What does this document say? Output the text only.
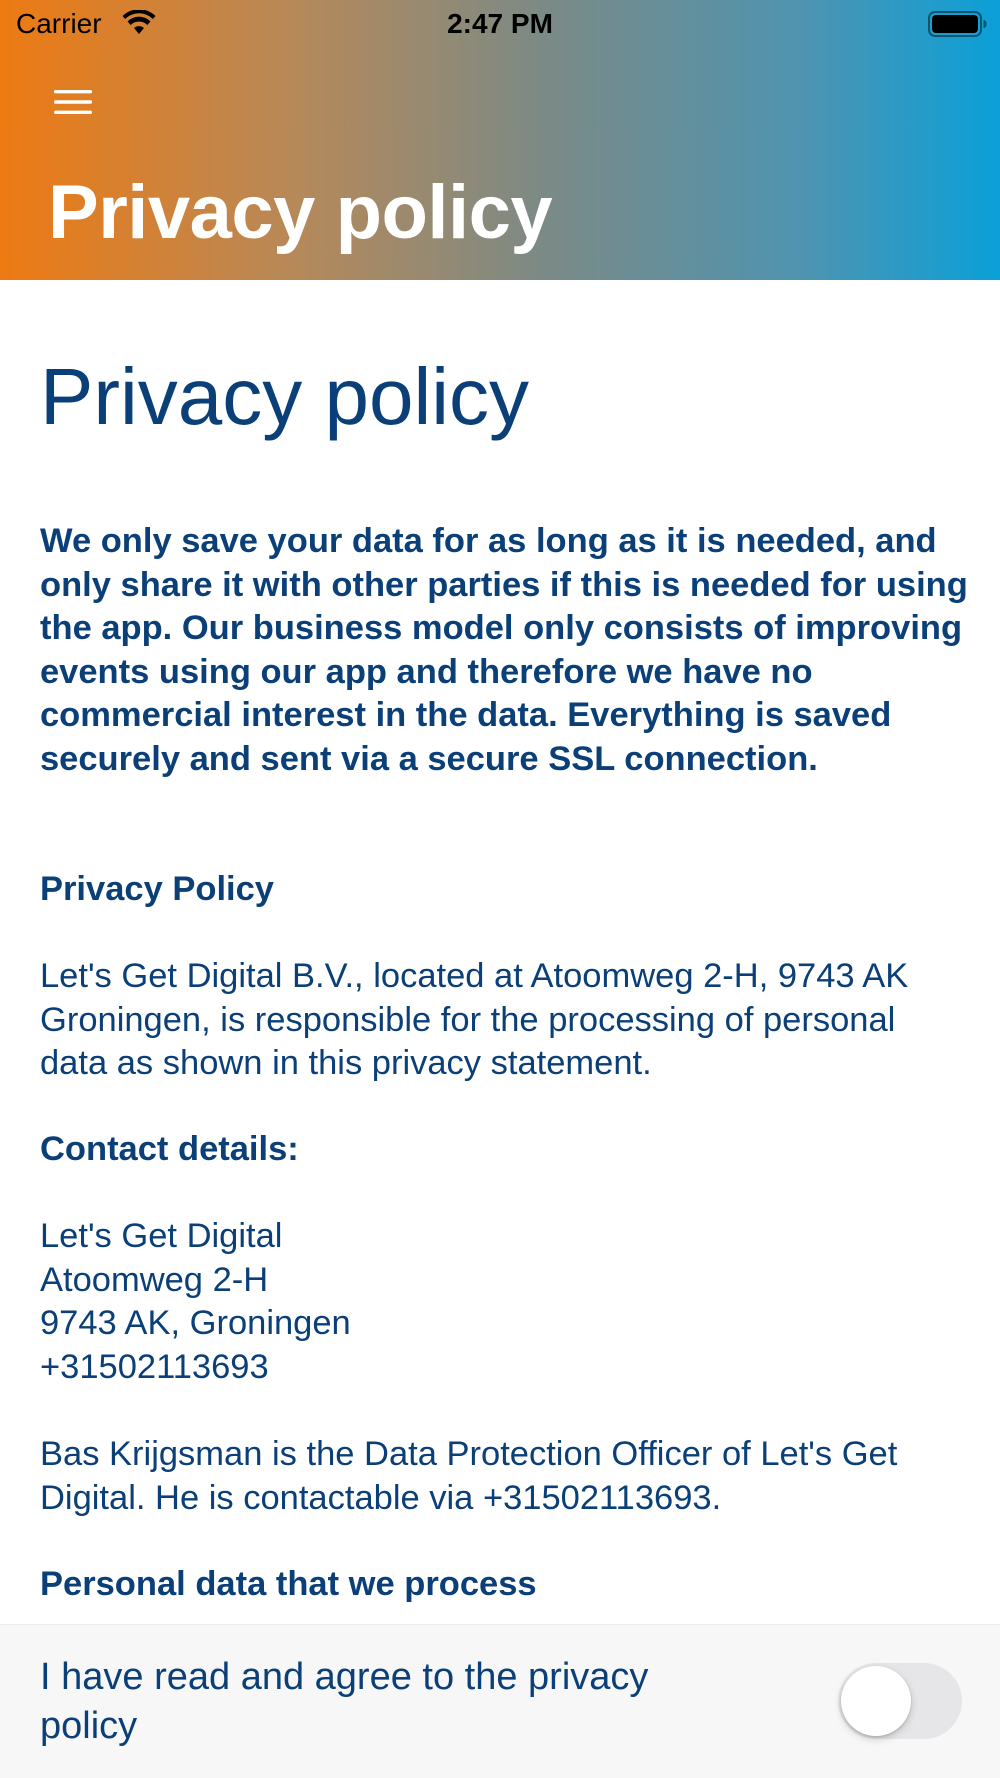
Carrier	2:47 PM
Privacy policy
Privacy policy
We only save your data for as long as it is needed, and only share it with other parties if this is needed for using the app. Our business model only consists of improving events using our app and therefore we have no commercial interest in the data. Everything is saved securely and sent via a secure SSL connection.
Privacy Policy
Let's Get Digital B.V., located at Atoomweg 2-H, 9743 AK Groningen, is responsible for the processing of personal data as shown in this privacy statement.
Contact details:
Let's Get Digital
Atoomweg 2-H
9743 AK, Groningen
+31502113693
Bas Krijgsman is the Data Protection Officer of Let's Get Digital. He is contactable via +31502113693.
Personal data that we process
I have read and agree to the privacy policy
